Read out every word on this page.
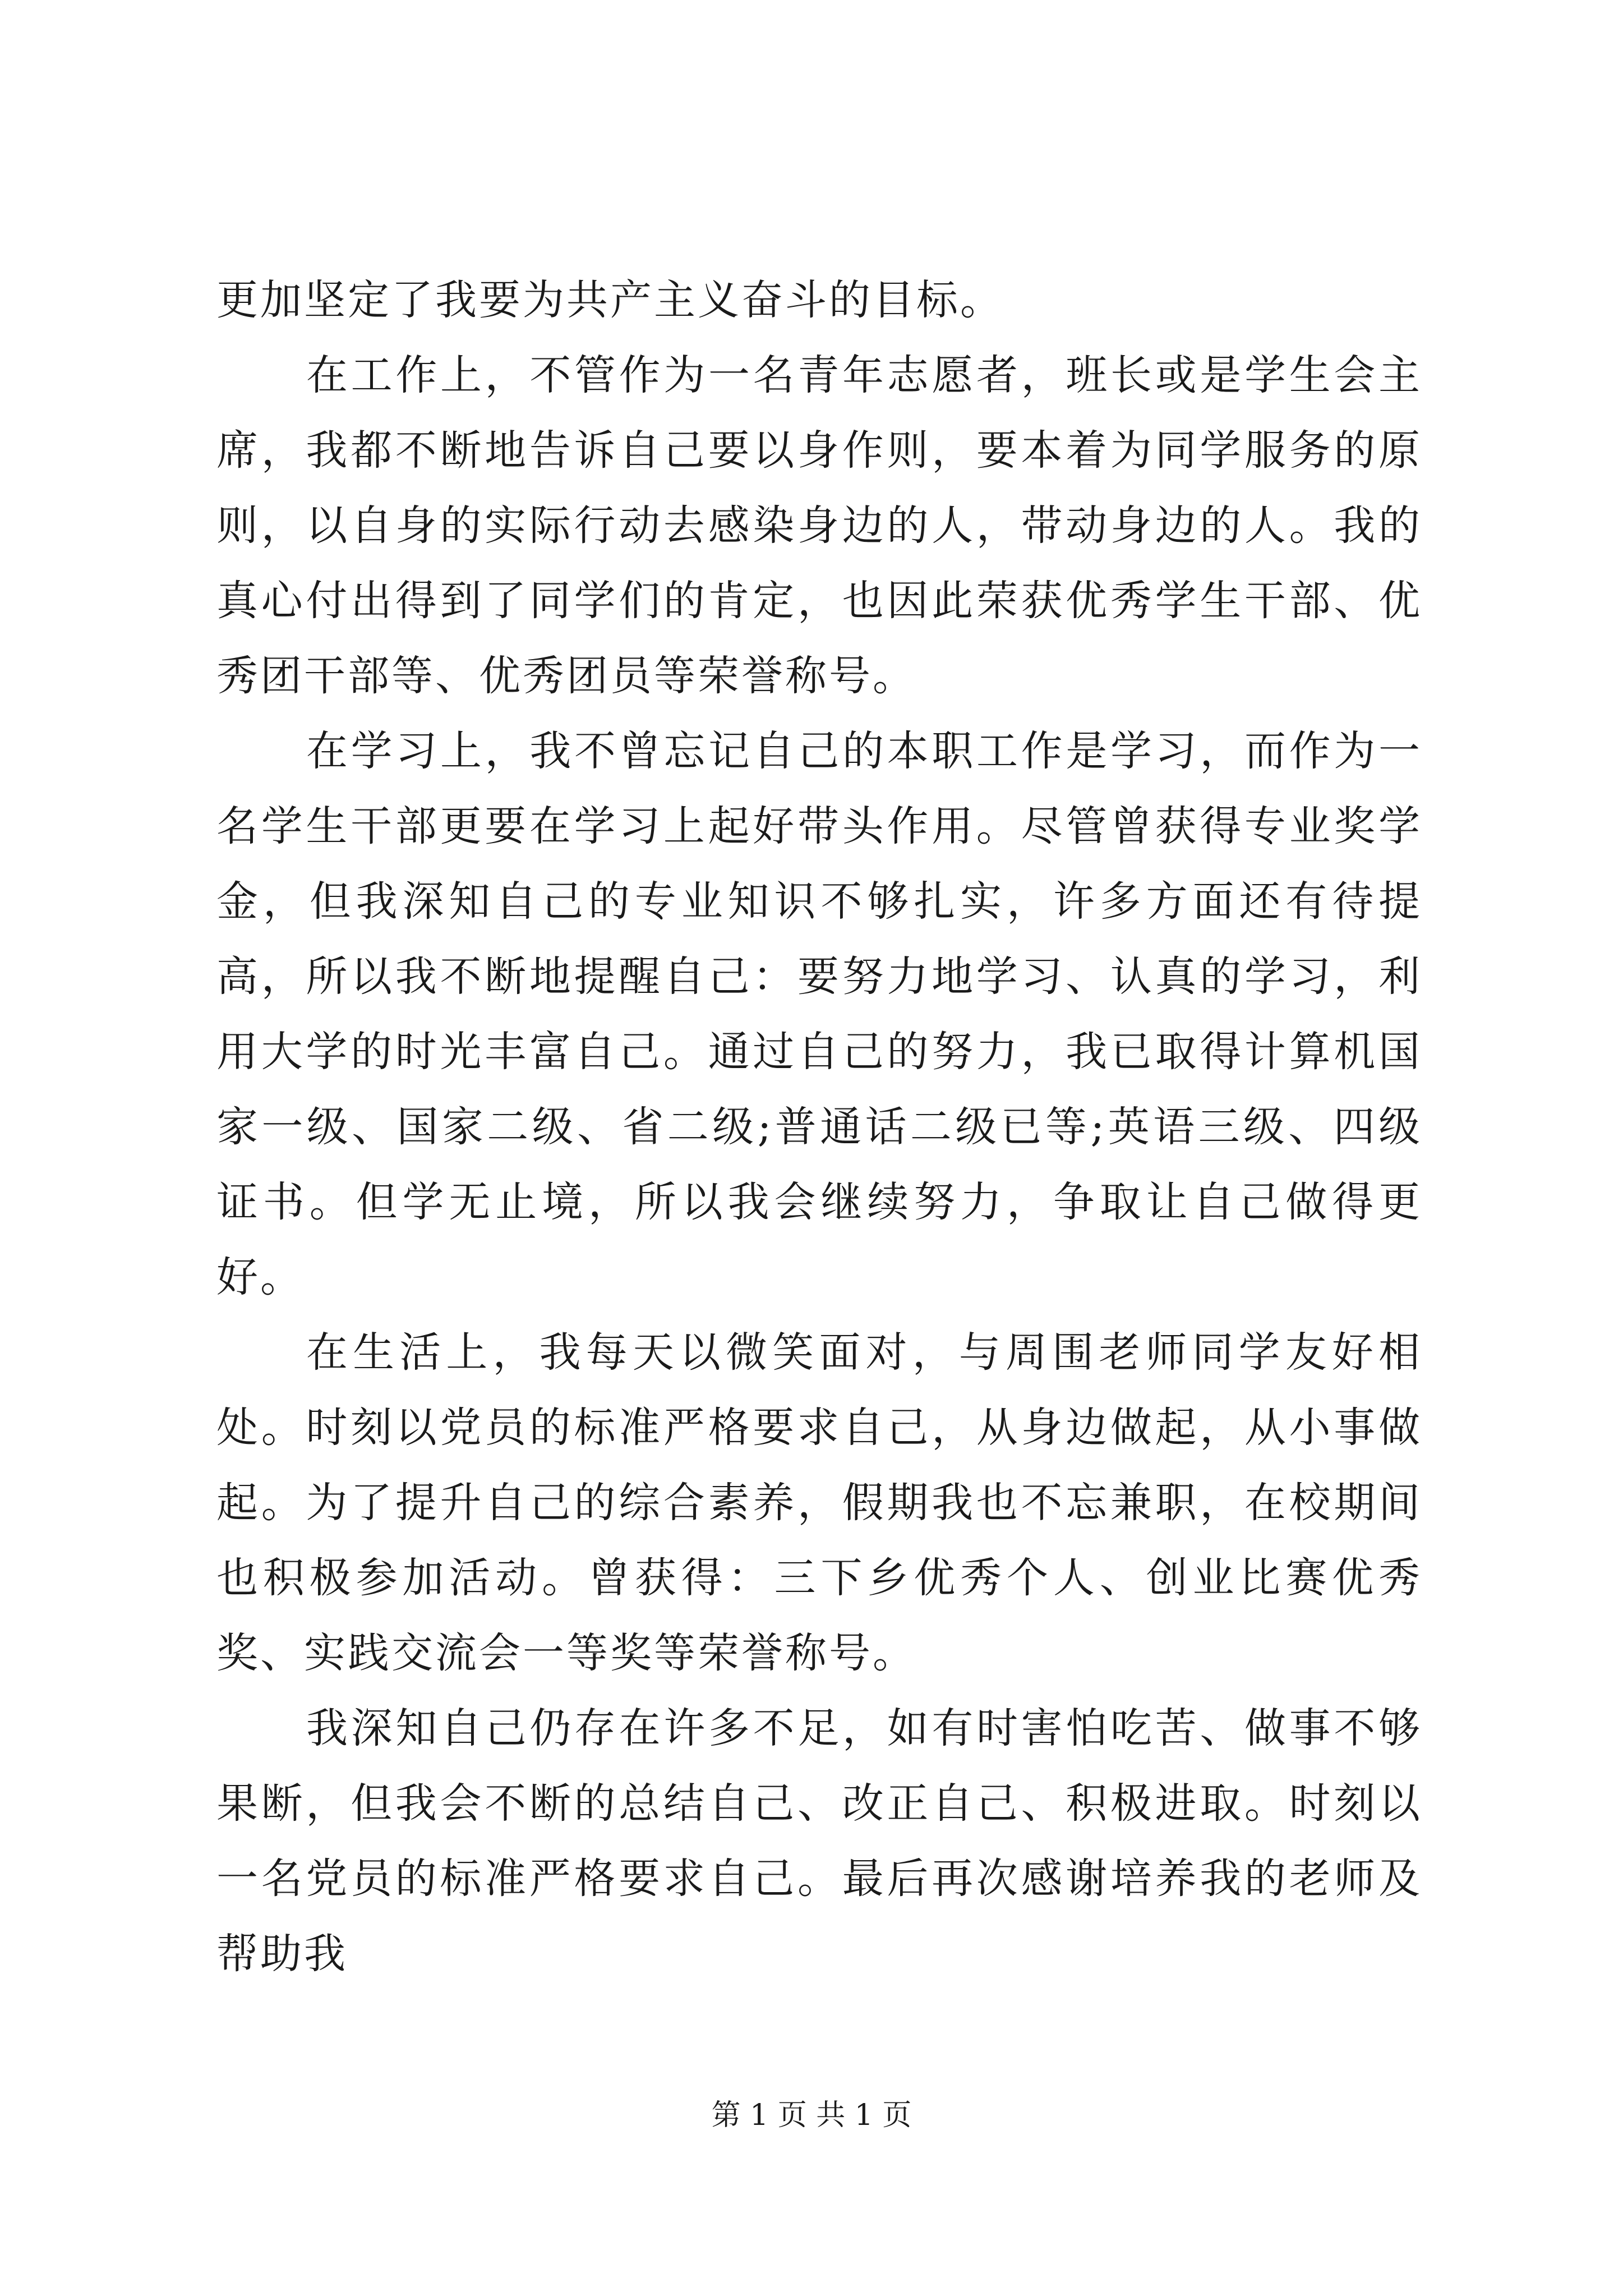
更加坚定了我要为共产主义奋斗的目标。

在工作上，不管作为一名青年志愿者，班长或是学生会主席，我都不断地告诉自己要以身作则，要本着为同学服务的原则，以自身的实际行动去感染身边的人，带动身边的人。我的真心付出得到了同学们的肯定，也因此荣获优秀学生干部、优秀团干部等、优秀团员等荣誉称号。

在学习上，我不曾忘记自己的本职工作是学习，而作为一名学生干部更要在学习上起好带头作用。尽管曾获得专业奖学金，但我深知自己的专业知识不够扎实，许多方面还有待提高，所以我不断地提醒自己：要努力地学习、认真的学习，利用大学的时光丰富自己。通过自己的努力，我已取得计算机国家一级、国家二级、省二级;普通话二级已等;英语三级、四级证书。但学无止境，所以我会继续努力，争取让自己做得更好。

在生活上，我每天以微笑面对，与周围老师同学友好相处。时刻以党员的标准严格要求自己，从身边做起，从小事做起。为了提升自己的综合素养，假期我也不忘兼职，在校期间也积极参加活动。曾获得：三下乡优秀个人、创业比赛优秀奖、实践交流会一等奖等荣誉称号。

我深知自己仍存在许多不足，如有时害怕吃苦、做事不够果断，但我会不断的总结自己、改正自己、积极进取。时刻以一名党员的标准严格要求自己。最后再次感谢培养我的老师及帮助我

第 1 页 共 1 页
